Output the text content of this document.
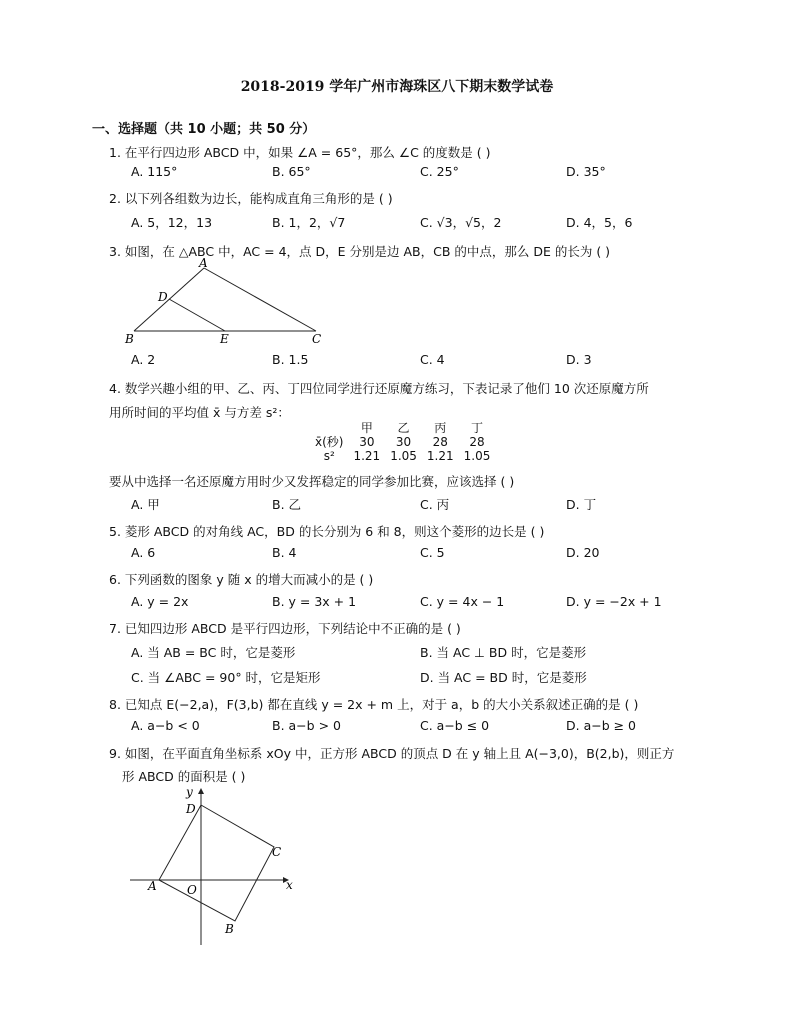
2018-2019 学年广州市海珠区八下期末数学试卷
一、选择题（共 10 小题；共 50 分）
1. 在平行四边形 ABCD 中，如果 ∠A = 65°，那么 ∠C 的度数是 ( )
A. 115°	B. 65°	C. 25°	D. 35°
2. 以下列各组数为边长，能构成直角三角形的是 ( )
A. 5，12，13	B. 1，2，√7	C. √3，√5，2	D. 4，5，6
3. 如图，在 △ABC 中，AC = 4，点 D，E 分别是边 AB，CB 的中点，那么 DE 的长为 ( )
A
D
B	E	C
A. 2	B. 1.5	C. 4	D. 3
4. 数学兴趣小组的甲、乙、丙、丁四位同学进行还原魔方练习，下表记录了他们 10 次还原魔方所
用所时间的平均值 x̄ 与方差 s²：
	甲	乙	丙	丁
x̄(秒)	30	30	28	28
s²	1.21	1.05	1.21	1.05
要从中选择一名还原魔方用时少又发挥稳定的同学参加比赛，应该选择 ( )
A. 甲	B. 乙	C. 丙	D. 丁
5. 菱形 ABCD 的对角线 AC，BD 的长分别为 6 和 8，则这个菱形的边长是 ( )
A. 6	B. 4	C. 5	D. 20
6. 下列函数的图象 y 随 x 的增大而减小的是 ( )
A. y = 2x	B. y = 3x + 1	C. y = 4x − 1	D. y = −2x + 1
7. 已知四边形 ABCD 是平行四边形，下列结论中不正确的是 ( )
A. 当 AB = BC 时，它是菱形	B. 当 AC ⊥ BD 时，它是菱形
C. 当 ∠ABC = 90° 时，它是矩形	D. 当 AC = BD 时，它是菱形
8. 已知点 E(−2,a)，F(3,b) 都在直线 y = 2x + m 上，对于 a，b 的大小关系叙述正确的是 ( )
A. a−b < 0	B. a−b > 0	C. a−b ≤ 0	D. a−b ≥ 0
9. 如图，在平面直角坐标系 xOy 中，正方形 ABCD 的顶点 D 在 y 轴上且 A(−3,0)，B(2,b)，则正方
形 ABCD 的面积是 ( )
y
D
C
x
A	O
B
